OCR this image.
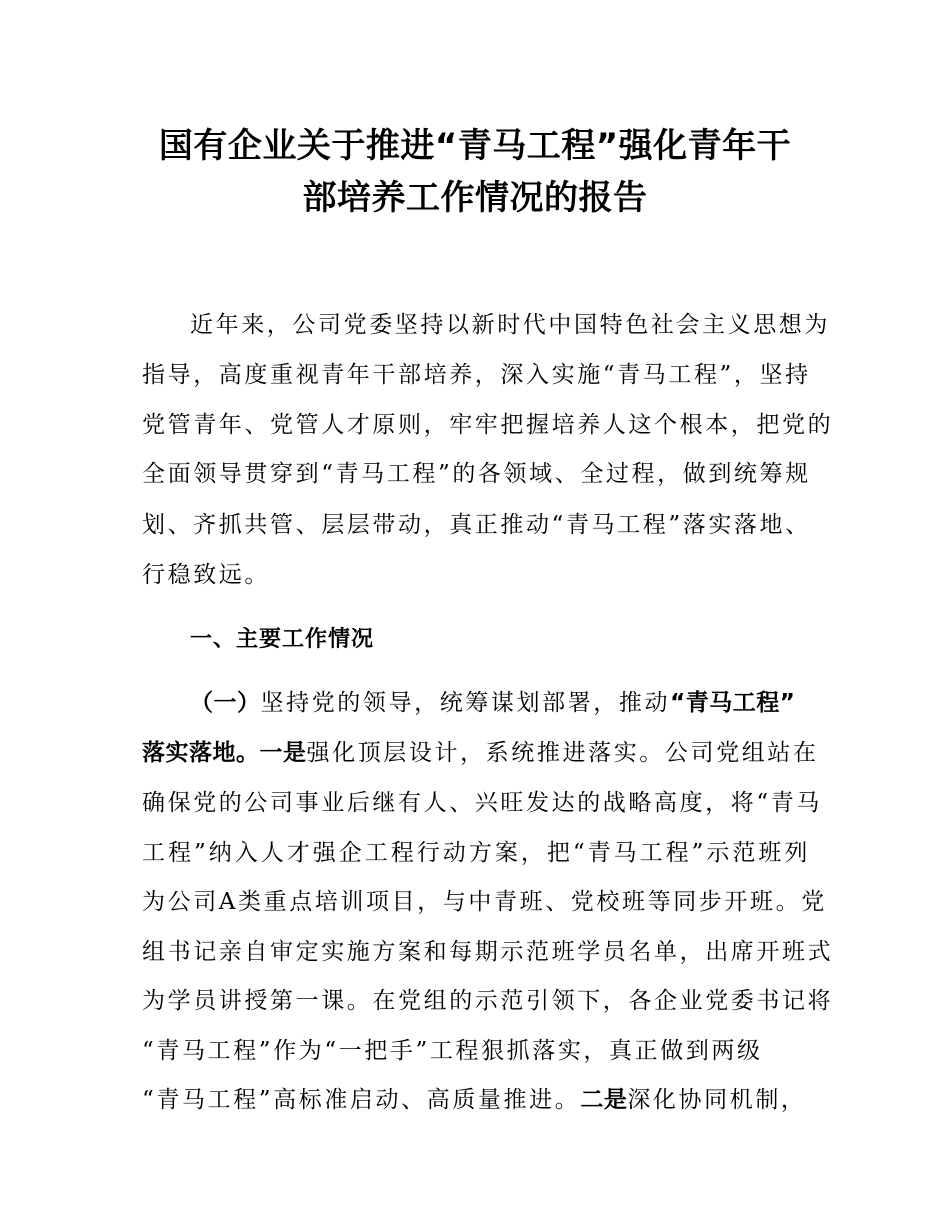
国有企业关于推进“青马工程”强化青年干
部培养工作情况的报告
近年来，公司党委坚持以新时代中国特色社会主义思想为
指导，高度重视青年干部培养，深入实施“青马工程”，坚持
党管青年、党管人才原则，牢牢把握培养人这个根本，把党的
全面领导贯穿到“青马工程”的各领域、全过程，做到统筹规
划、齐抓共管、层层带动，真正推动“青马工程”落实落地、
行稳致远。
一、主要工作情况
（一）坚持党的领导，统筹谋划部署，推动“青马工程”
落实落地。一是强化顶层设计，系统推进落实。公司党组站在
确保党的公司事业后继有人、兴旺发达的战略高度，将“青马
工程”纳入人才强企工程行动方案，把“青马工程”示范班列
为公司A类重点培训项目，与中青班、党校班等同步开班。党
组书记亲自审定实施方案和每期示范班学员名单，出席开班式
为学员讲授第一课。在党组的示范引领下，各企业党委书记将
“青马工程”作为“一把手”工程狠抓落实，真正做到两级
“青马工程”高标准启动、高质量推进。二是深化协同机制，
